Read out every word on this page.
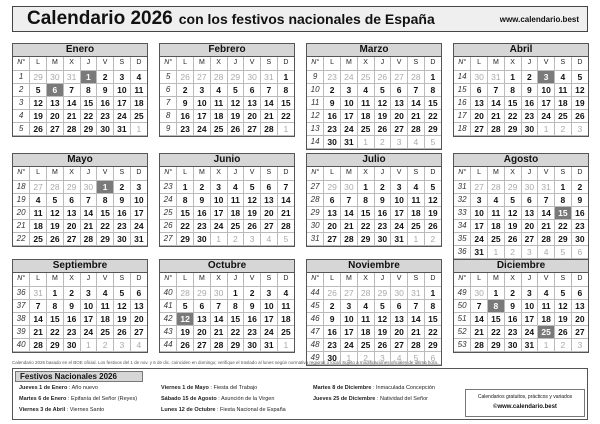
Calendario 2026 con los festivos nacionales de España	www.calendario.best
Enero
N°	L	M	X	J	V	S	D
1	29	30	31	1	2	3	4
2	5	6	7	8	9	10	11
3	12	13	14	15	16	17	18
4	19	20	21	22	23	24	25
5	26	27	28	29	30	31	1
Febrero
N°	L	M	X	J	V	S	D
5	26	27	28	29	30	31	1
6	2	3	4	5	6	7	8
7	9	10	11	12	13	14	15
8	16	17	18	19	20	21	22
9	23	24	25	26	27	28	1
Marzo
N°	L	M	X	J	V	S	D
9	23	24	25	26	27	28	1
10	2	3	4	5	6	7	8
11	9	10	11	12	13	14	15
12	16	17	18	19	20	21	22
13	23	24	25	26	27	28	29
14	30	31	1	2	3	4	5
Abril
N°	L	M	X	J	V	S	D
14	30	31	1	2	3	4	5
15	6	7	8	9	10	11	12
16	13	14	15	16	17	18	19
17	20	21	22	23	24	25	26
18	27	28	29	30	1	2	3
Mayo
N°	L	M	X	J	V	S	D
18	27	28	29	30	1	2	3
19	4	5	6	7	8	9	10
20	11	12	13	14	15	16	17
21	18	19	20	21	22	23	24
22	25	26	27	28	29	30	31
Junio
N°	L	M	X	J	V	S	D
23	1	2	3	4	5	6	7
24	8	9	10	11	12	13	14
25	15	16	17	18	19	20	21
26	22	23	24	25	26	27	28
27	29	30	1	2	3	4	5
Julio
N°	L	M	X	J	V	S	D
27	29	30	1	2	3	4	5
28	6	7	8	9	10	11	12
29	13	14	15	16	17	18	19
30	20	21	22	23	24	25	26
31	27	28	29	30	31	1	2
Agosto
N°	L	M	X	J	V	S	D
31	27	28	29	30	31	1	2
32	3	4	5	6	7	8	9
33	10	11	12	13	14	15	16
34	17	18	19	20	21	22	23
35	24	25	26	27	28	29	30
36	31	1	2	3	4	5	6
Septiembre
N°	L	M	X	J	V	S	D
36	31	1	2	3	4	5	6
37	7	8	9	10	11	12	13
38	14	15	16	17	18	19	20
39	21	22	23	24	25	26	27
40	28	29	30	1	2	3	4
Octubre
N°	L	M	X	J	V	S	D
40	28	29	30	1	2	3	4
41	5	6	7	8	9	10	11
42	12	13	14	15	16	17	18
43	19	20	21	22	23	24	25
44	26	27	28	29	30	31	1
Noviembre
N°	L	M	X	J	V	S	D
44	26	27	28	29	30	31	1
45	2	3	4	5	6	7	8
46	9	10	11	12	13	14	15
47	16	17	18	19	20	21	22
48	23	24	25	26	27	28	29
49	30	1	2	3	4	5	6
Diciembre
N°	L	M	X	J	V	S	D
49	30	1	2	3	4	5	6
50	7	8	9	10	11	12	13
51	14	15	16	17	18	19	20
52	21	22	23	24	25	26	27
53	28	29	30	31	1	2	3
Calendario 2026 basado en el BOE oficial. Los festivos del 1 de nov. y 6 de dic. coinciden en domingo; verifique el traslado al lunes según normativa regional o local. Sujeto a modificaciones oficiales de última hora.
Festivos Nacionales 2026
Jueves 1 de Enero : Año nuevo
Martes 6 de Enero : Epifanía del Señor (Reyes)
Viernes 3 de Abril : Viernes Santo
Viernes 1 de Mayo : Fiesta del Trabajo
Sábado 15 de Agosto : Asunción de la Virgen
Lunes 12 de Octubre : Fiesta Nacional de España
Martes 8 de Diciembre : Inmaculada Concepción
Jueves 25 de Diciembre : Natividad del Señor	Calendarios gratuitos, prácticos y variados
©www.calendario.best
